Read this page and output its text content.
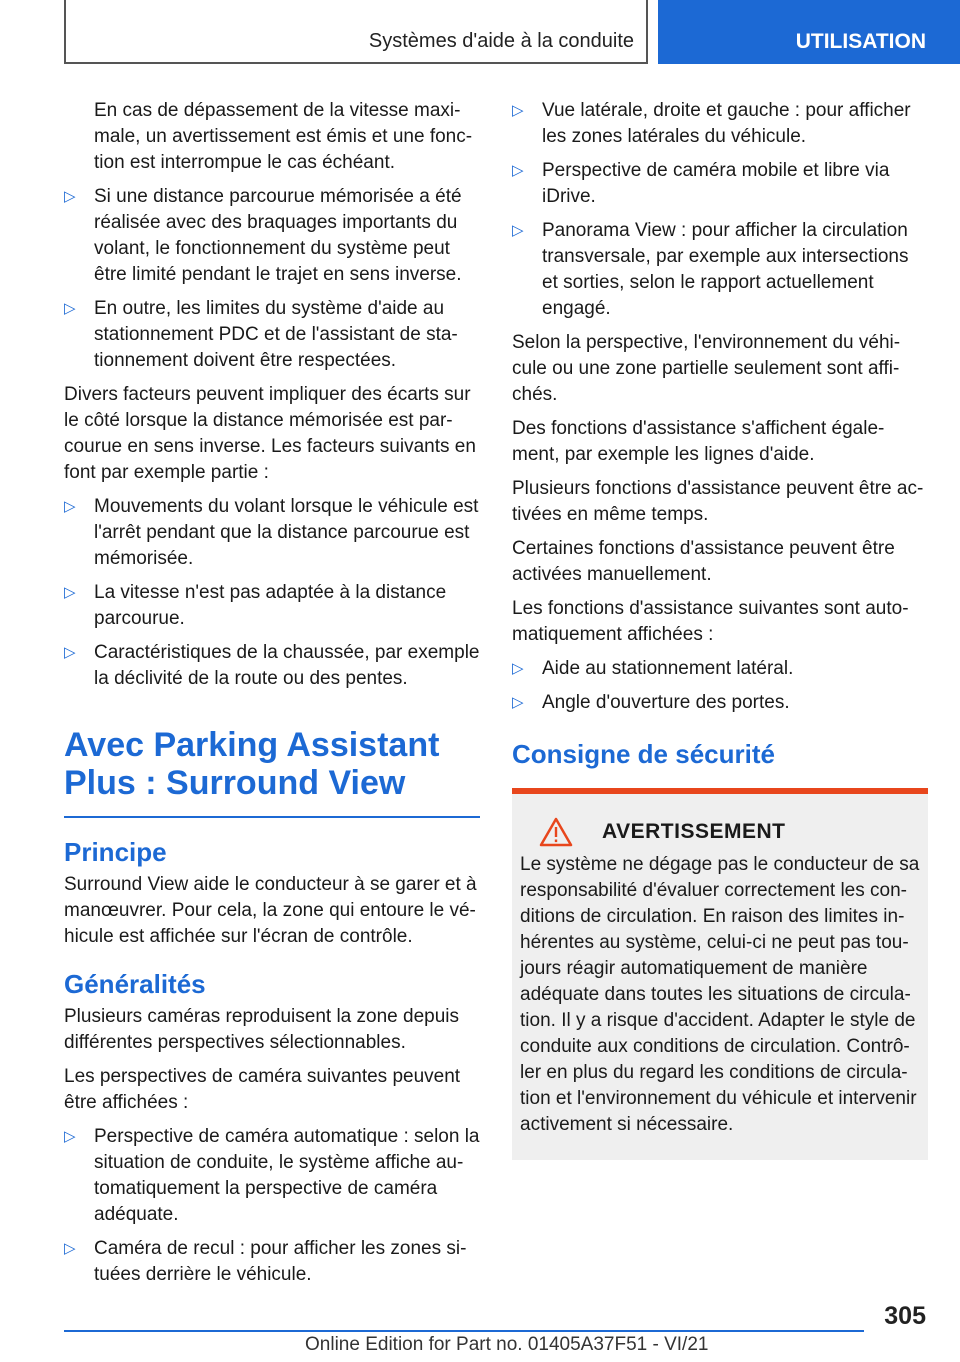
Systèmes d'aide à la conduite	UTILISATION

En cas de dépassement de la vitesse maxi-male, un avertissement est émis et une fonc-tion est interrompue le cas échéant.

▷ Si une distance parcourue mémorisée a été réalisée avec des braquages importants du volant, le fonctionnement du système peut être limité pendant le trajet en sens inverse.
▷ En outre, les limites du système d'aide au stationnement PDC et de l'assistant de sta-tionnement doivent être respectées.

Divers facteurs peuvent impliquer des écarts sur le côté lorsque la distance mémorisée est par-courue en sens inverse. Les facteurs suivants en font par exemple partie :

▷ Mouvements du volant lorsque le véhicule est l'arrêt pendant que la distance parcourue est mémorisée.
▷ La vitesse n'est pas adaptée à la distance parcourue.
▷ Caractéristiques de la chaussée, par exemple la déclivité de la route ou des pentes.
Avec Parking Assistant Plus : Surround View
Principe

Surround View aide le conducteur à se garer et à manœuvrer. Pour cela, la zone qui entoure le vé-hicule est affichée sur l'écran de contrôle.

Généralités

Plusieurs caméras reproduisent la zone depuis différentes perspectives sélectionnables.

Les perspectives de caméra suivantes peuvent être affichées :

▷ Perspective de caméra automatique : selon la situation de conduite, le système affiche au-tomatiquement la perspective de caméra adéquate.
▷ Caméra de recul : pour afficher les zones si-tuées derrière le véhicule.
▷ Vue latérale, droite et gauche : pour afficher les zones latérales du véhicule.
▷ Perspective de caméra mobile et libre via iDrive.
▷ Panorama View : pour afficher la circulation transversale, par exemple aux intersections et sorties, selon le rapport actuellement engagé.

Selon la perspective, l'environnement du véhi-cule ou une zone partielle seulement sont affi-chés.

Des fonctions d'assistance s'affichent égale-ment, par exemple les lignes d'aide.

Plusieurs fonctions d'assistance peuvent être ac-tivées en même temps.

Certaines fonctions d'assistance peuvent être activées manuellement.

Les fonctions d'assistance suivantes sont auto-matiquement affichées :

▷ Aide au stationnement latéral.
▷ Angle d'ouverture des portes.
Consigne de sécurité
AVERTISSEMENT

Le système ne dégage pas le conducteur de sa responsabilité d'évaluer correctement les con-ditions de circulation. En raison des limites in-hérentes au système, celui-ci ne peut pas tou-jours réagir automatiquement de manière adéquate dans toutes les situations de circula-tion. Il y a risque d'accident. Adapter le style de conduite aux conditions de circulation. Contrô-ler en plus du regard les conditions de circula-tion et l'environnement du véhicule et intervenir activement si nécessaire.

305
Online Edition for Part no. 01405A37F51 - VI/21
